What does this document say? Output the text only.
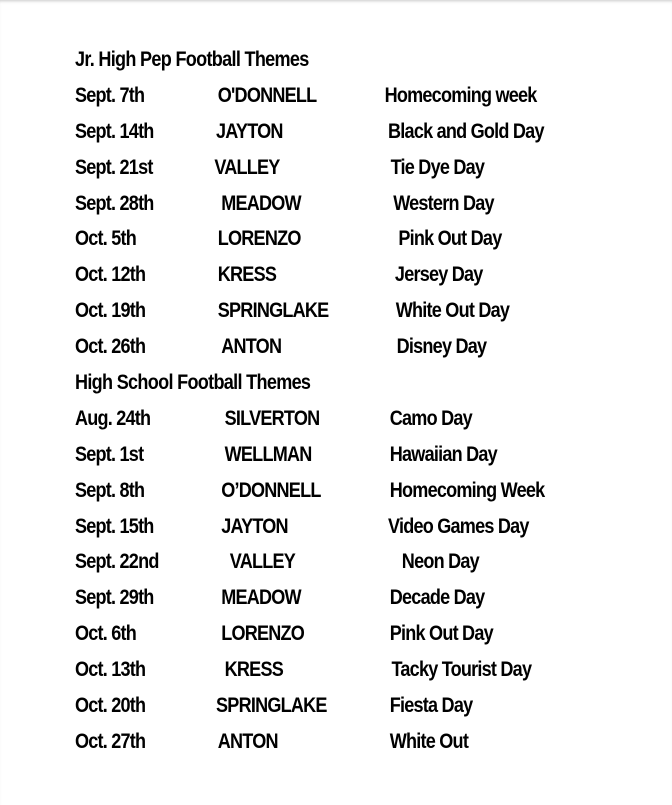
Jr. High Pep Football Themes
Sept. 7th	O'DONNELL	Homecoming week
Sept. 14th	JAYTON	Black and Gold Day
Sept. 21st	VALLEY	Tie Dye Day
Sept. 28th	MEADOW	Western Day
Oct. 5th	LORENZO	Pink Out Day
Oct. 12th	KRESS	Jersey Day
Oct. 19th	SPRINGLAKE	White Out Day
Oct. 26th	ANTON	Disney Day
High School Football Themes
Aug. 24th	SILVERTON	Camo Day
Sept. 1st	WELLMAN	Hawaiian Day
Sept. 8th	O’DONNELL	Homecoming Week
Sept. 15th	JAYTON	Video Games Day
Sept. 22nd	VALLEY	Neon Day
Sept. 29th	MEADOW	Decade Day
Oct. 6th	LORENZO	Pink Out Day
Oct. 13th	KRESS	Tacky Tourist Day
Oct. 20th	SPRINGLAKE	Fiesta Day
Oct. 27th	ANTON	White Out
